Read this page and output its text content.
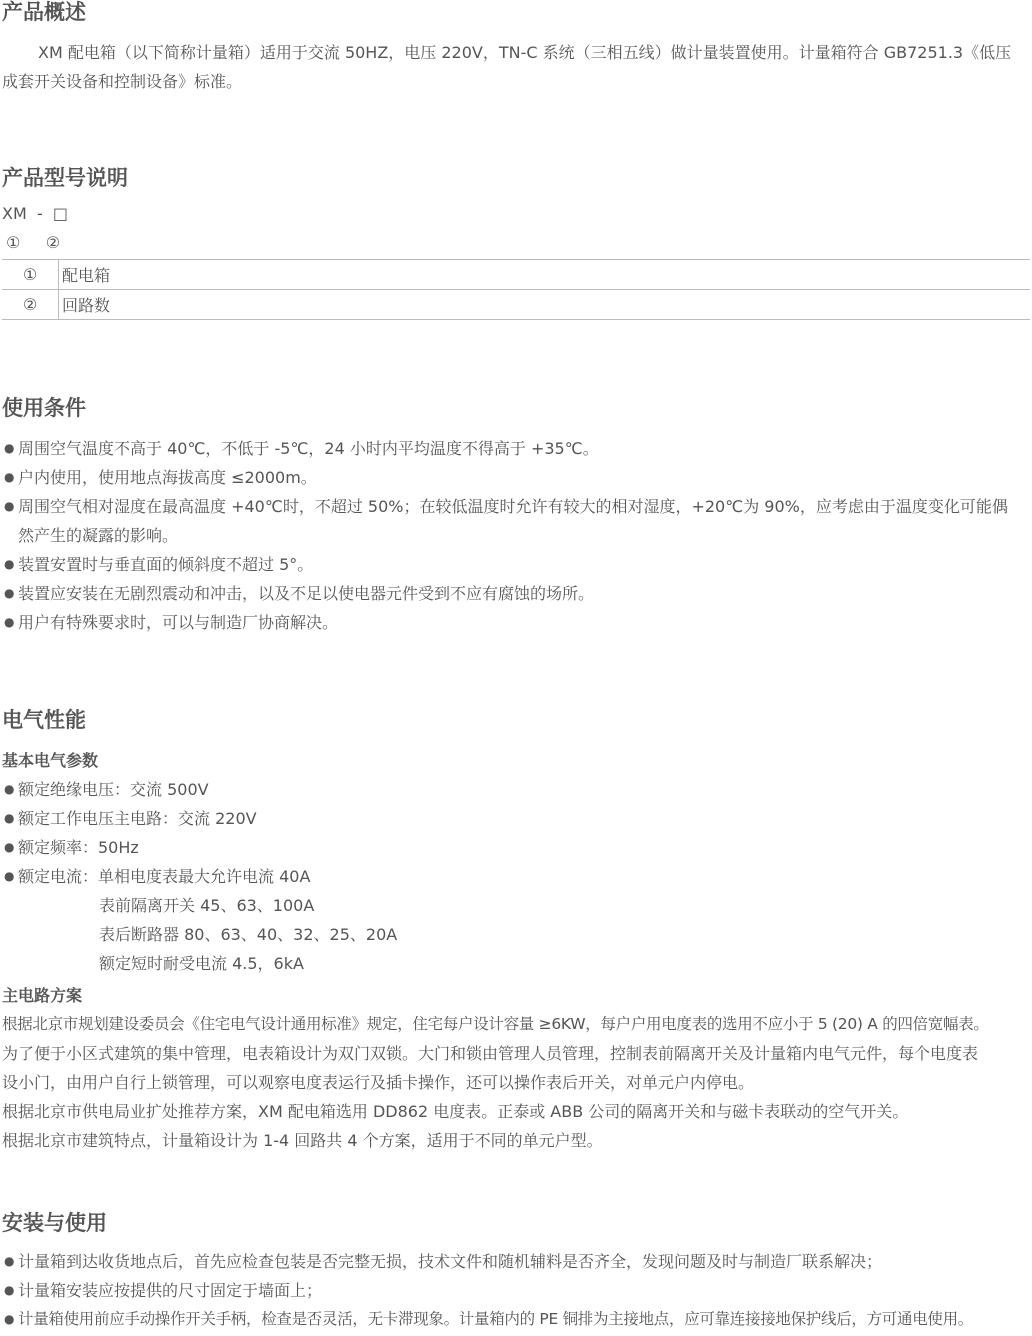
产品概述
XM 配电箱（以下简称计量箱）适用于交流 50HZ，电压 220V，TN-C 系统（三相五线）做计量装置使用。计量箱符合 GB7251.3《低压
成套开关设备和控制设备》标准。
产品型号说明
XM  -  □
①     ②
①	配电箱
②	回路数
使用条件
● 周围空气温度不高于 40℃，不低于 -5℃，24 小时内平均温度不得高于 +35℃。
● 户内使用，使用地点海拔高度 ≤2000m。
● 周围空气相对湿度在最高温度 +40℃时，不超过 50%；在较低温度时允许有较大的相对湿度，+20℃为 90%，应考虑由于温度变化可能偶
然产生的凝露的影响。
● 装置安置时与垂直面的倾斜度不超过 5°。
● 装置应安装在无剧烈震动和冲击，以及不足以使电器元件受到不应有腐蚀的场所。
● 用户有特殊要求时，可以与制造厂协商解决。
电气性能
基本电气参数
● 额定绝缘电压：交流 500V
● 额定工作电压主电路：交流 220V
● 额定频率：50Hz
● 额定电流：单相电度表最大允许电流 40A
表前隔离开关 45、63、100A
表后断路器 80、63、40、32、25、20A
额定短时耐受电流 4.5，6kA
主电路方案
根据北京市规划建设委员会《住宅电气设计通用标准》规定，住宅每户设计容量 ≥6KW，每户户用电度表的选用不应小于 5 (20) A 的四倍宽幅表。
为了便于小区式建筑的集中管理，电表箱设计为双门双锁。大门和锁由管理人员管理，控制表前隔离开关及计量箱内电气元件，每个电度表
设小门，由用户自行上锁管理，可以观察电度表运行及插卡操作，还可以操作表后开关，对单元户内停电。
根据北京市供电局业扩处推荐方案，XM 配电箱选用 DD862 电度表。正泰或 ABB 公司的隔离开关和与磁卡表联动的空气开关。
根据北京市建筑特点，计量箱设计为 1-4 回路共 4 个方案，适用于不同的单元户型。
安装与使用
● 计量箱到达收货地点后，首先应检查包装是否完整无损，技术文件和随机辅料是否齐全，发现问题及时与制造厂联系解决；
● 计量箱安装应按提供的尺寸固定于墙面上；
● 计量箱使用前应手动操作开关手柄，检查是否灵活，无卡滞现象。计量箱内的 PE 铜排为主接地点，应可靠连接接地保护线后，方可通电使用。
